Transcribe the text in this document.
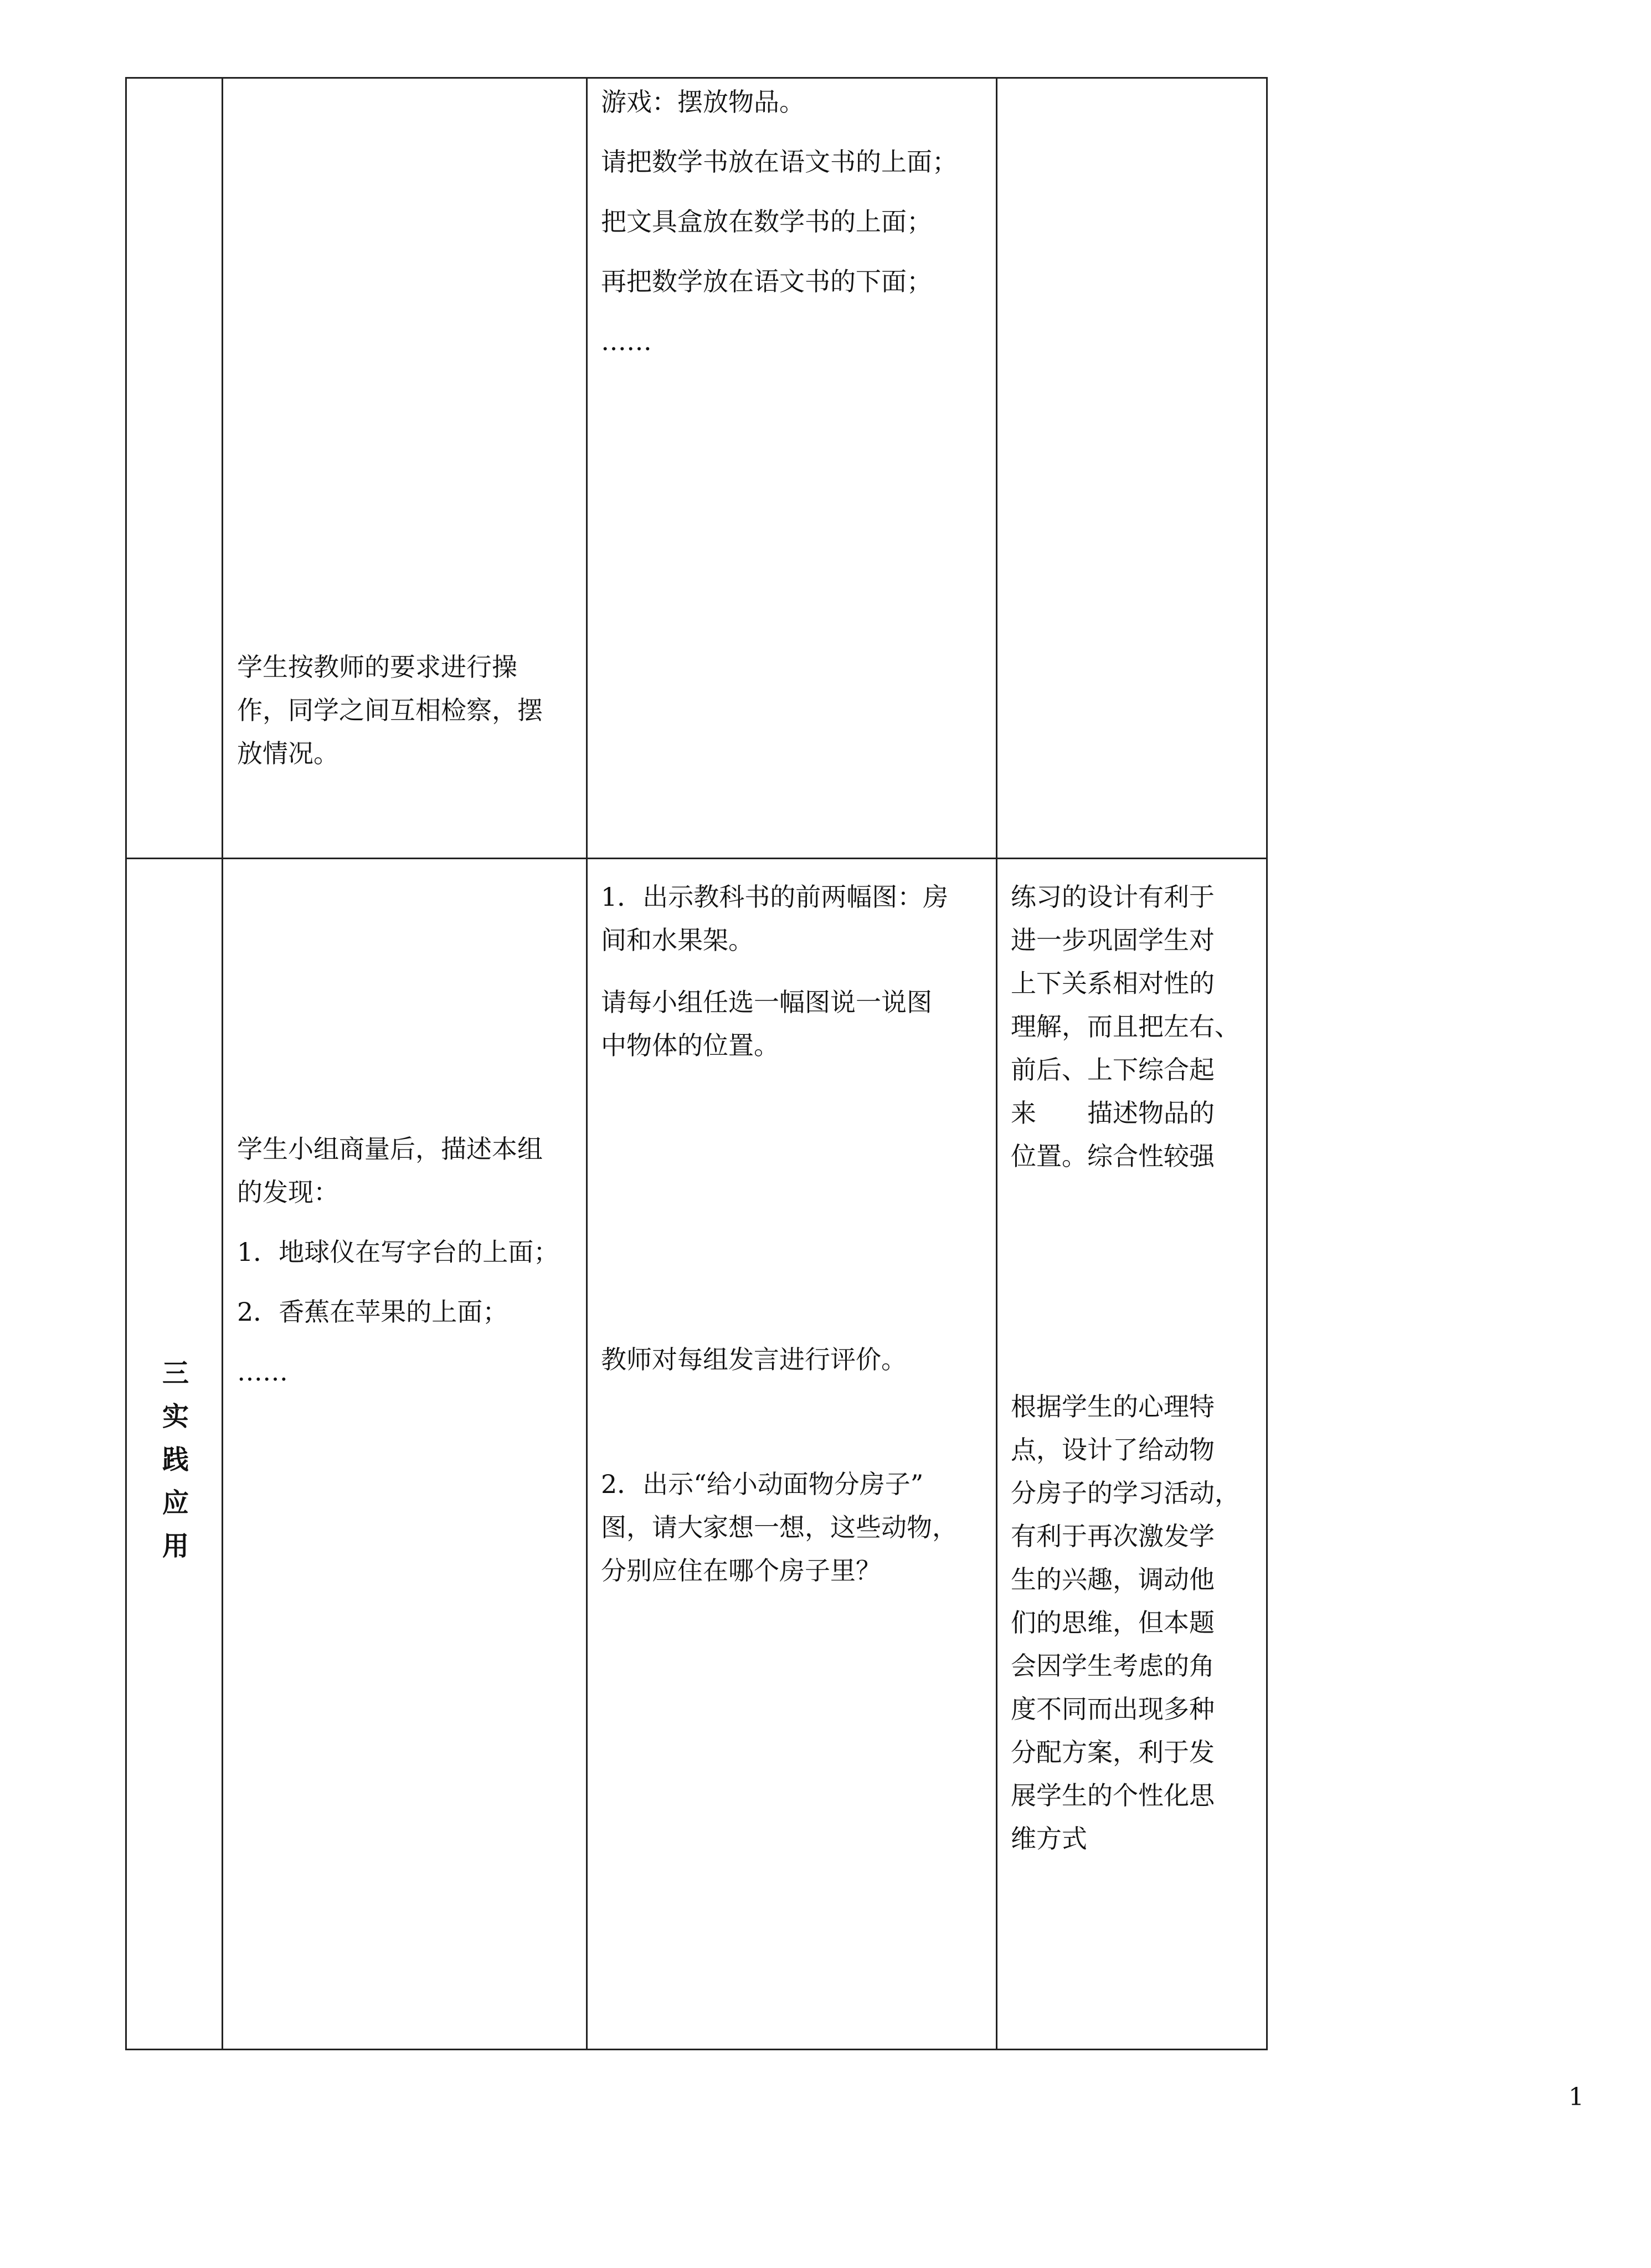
游戏：摆放物品。

请把数学书放在语文书的上面；

把文具盒放在数学书的上面；

再把数学放在语文书的下面；

……

学生按教师的要求进行操

作，同学之间互相检察，摆

放情况。

三
实
践
应
用

学生小组商量后，描述本组

的发现：

1．地球仪在写字台的上面；

2．香蕉在苹果的上面；

……

1．出示教科书的前两幅图：房

间和水果架。

请每小组任选一幅图说一说图

中物体的位置。

教师对每组发言进行评价。

2．出示“给小动面物分房子”

图，请大家想一想，这些动物，

分别应住在哪个房子里？

练习的设计有利于

进一步巩固学生对

上下关系相对性的

理解，而且把左右、

前后、上下综合起

来　　描述物品的

位置。综合性较强

根据学生的心理特

点，设计了给动物

分房子的学习活动，

有利于再次激发学

生的兴趣，调动他

们的思维，但本题

会因学生考虑的角

度不同而出现多种

分配方案，利于发

展学生的个性化思

维方式

1
